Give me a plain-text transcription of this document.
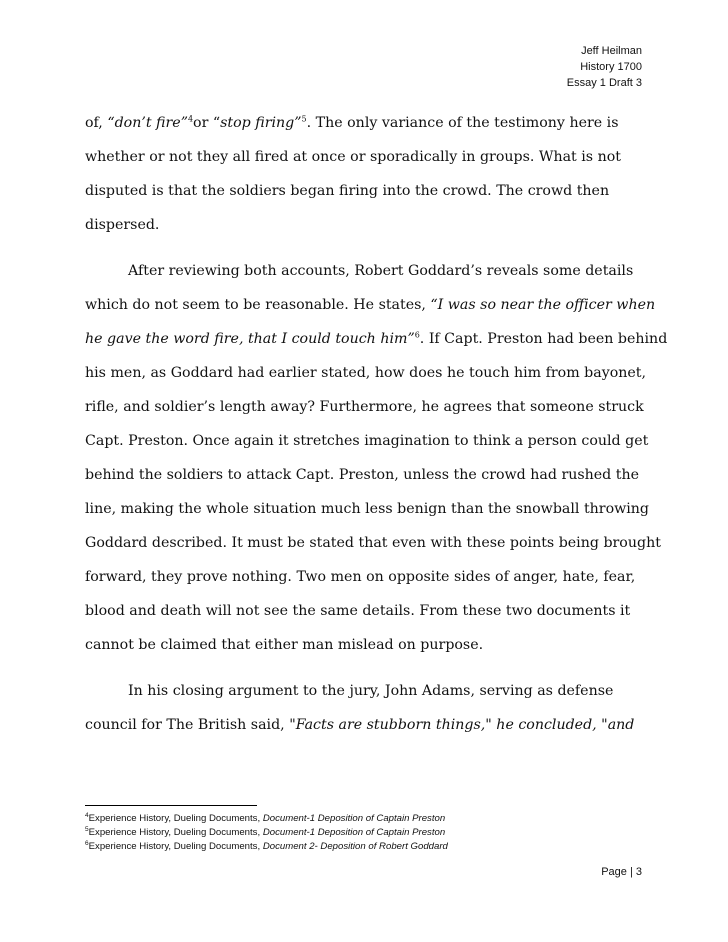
Jeff Heilman
History 1700
Essay 1 Draft 3

of, “don’t fire”$^4$or “stop firing”$^5$. The only variance of the testimony here is

whether or not they all fired at once or sporadically in groups. What is not

disputed is that the soldiers began firing into the crowd. The crowd then

dispersed.

After reviewing both accounts, Robert Goddard’s reveals some details

which do not seem to be reasonable. He states, “I was so near the officer when

he gave the word fire, that I could touch him”$^6$. If Capt. Preston had been behind

his men, as Goddard had earlier stated, how does he touch him from bayonet,

rifle, and soldier’s length away? Furthermore, he agrees that someone struck

Capt. Preston. Once again it stretches imagination to think a person could get

behind the soldiers to attack Capt. Preston, unless the crowd had rushed the

line, making the whole situation much less benign than the snowball throwing

Goddard described. It must be stated that even with these points being brought

forward, they prove nothing. Two men on opposite sides of anger, hate, fear,

blood and death will not see the same details. From these two documents it

cannot be claimed that either man mislead on purpose.

In his closing argument to the jury, John Adams, serving as defense

council for The British said, "Facts are stubborn things," he concluded, "and

$^4$Experience History, Dueling Documents, Document-1 Deposition of Captain Preston

$^5$Experience History, Dueling Documents, Document-1 Deposition of Captain Preston

$^6$Experience History, Dueling Documents, Document 2- Deposition of Robert Goddard

Page | 3
